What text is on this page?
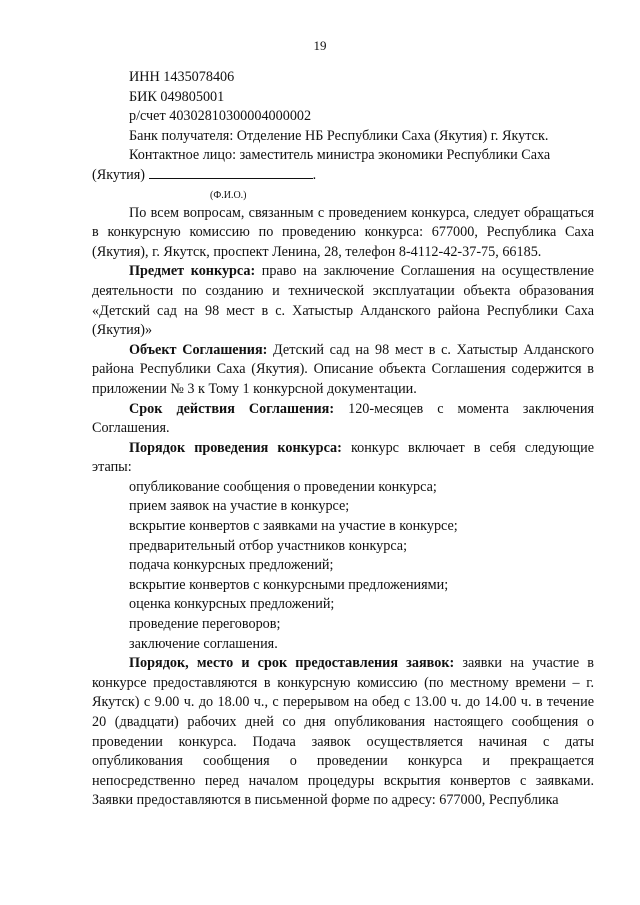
19
ИНН 1435078406
БИК 049805001
р/счет 40302810300004000002
Банк получателя: Отделение НБ Республики Саха (Якутия) г. Якутск.

Контактное лицо: заместитель министра экономики Республики Саха

(Якутия)	.

(Ф.И.О.)

По всем вопросам, связанным с проведением конкурса, следует обращаться в конкурсную комиссию по проведению конкурса: 677000, Республика Саха (Якутия), г. Якутск, проспект Ленина, 28, телефон 8-4112-42-37-75, 66185.

Предмет конкурса: право на заключение Соглашения на осуществление деятельности по созданию и технической эксплуатации объекта образования «Детский сад на 98 мест в с. Хатыстыр Алданского района Республики Саха (Якутия)»

Объект Соглашения: Детский сад на 98 мест в с. Хатыстыр Алданского района Республики Саха (Якутия). Описание объекта Соглашения содержится в приложении № 3 к Тому 1 конкурсной документации.

Срок действия Соглашения: 120-месяцев с момента заключения Соглашения.

Порядок проведения конкурса: конкурс включает в себя следующие этапы:

опубликование сообщения о проведении конкурса;

прием заявок на участие в конкурсе;

вскрытие конвертов с заявками на участие в конкурсе;

предварительный отбор участников конкурса;

подача конкурсных предложений;

вскрытие конвертов с конкурсными предложениями;

оценка конкурсных предложений;

проведение переговоров;

заключение соглашения.

Порядок, место и срок предоставления заявок: заявки на участие в конкурсе предоставляются в конкурсную комиссию (по местному времени – г. Якутск) с 9.00 ч. до 18.00 ч., с перерывом на обед с 13.00 ч. до 14.00 ч. в течение 20 (двадцати) рабочих дней со дня опубликования настоящего сообщения о проведении конкурса. Подача заявок осуществляется начиная с даты опубликования сообщения о проведении конкурса и прекращается непосредственно перед началом процедуры вскрытия конвертов с заявками. Заявки предоставляются в письменной форме по адресу: 677000, Республика
